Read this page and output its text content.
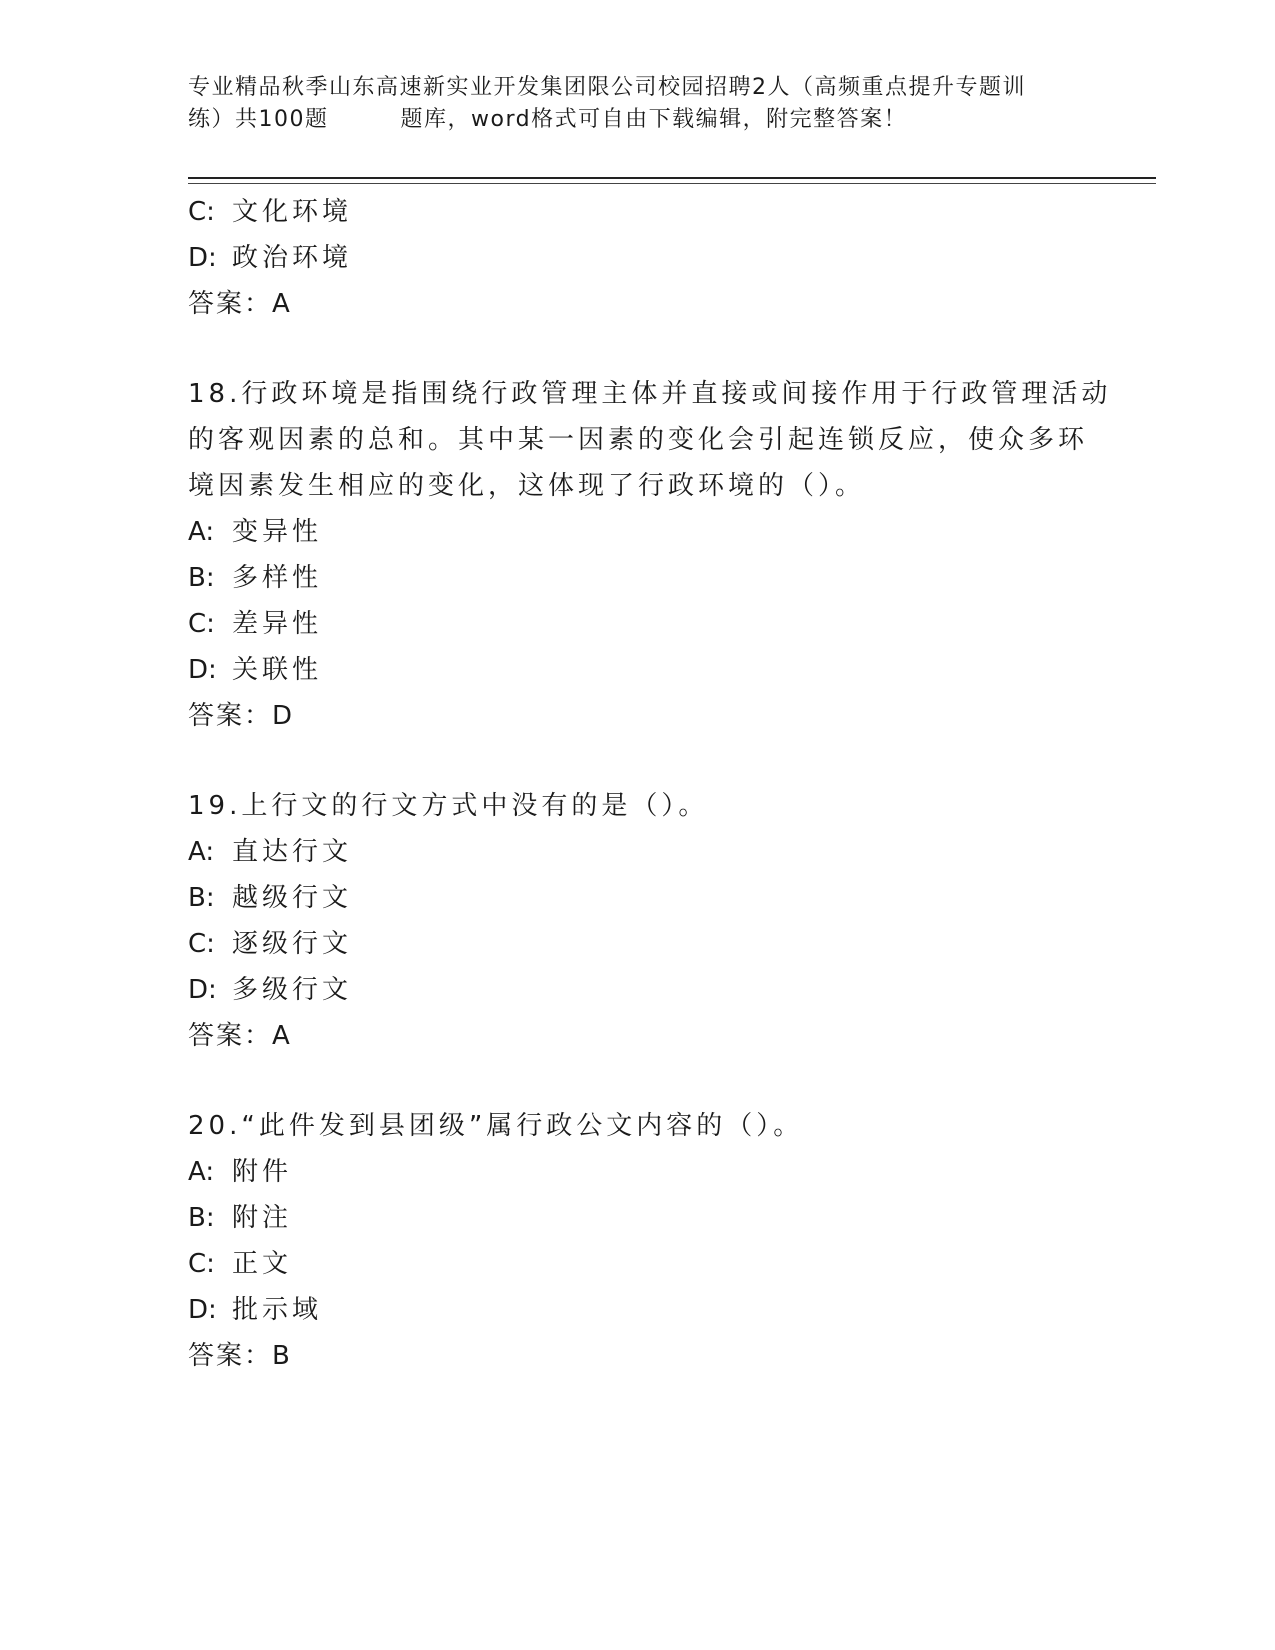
专业精品秋季山东高速新实业开发集团限公司校园招聘2人（高频重点提升专题训
练）共100题	题库，word格式可自由下载编辑，附完整答案！
C: 文化环境
D: 政治环境
答案：A
18.行政环境是指围绕行政管理主体并直接或间接作用于行政管理活动
的客观因素的总和。其中某一因素的变化会引起连锁反应，使众多环
境因素发生相应的变化，这体现了行政环境的（）。
A: 变异性
B: 多样性
C: 差异性
D: 关联性
答案：D
19.上行文的行文方式中没有的是（）。
A: 直达行文
B: 越级行文
C: 逐级行文
D: 多级行文
答案：A
20.“此件发到县团级”属行政公文内容的（）。
A: 附件
B: 附注
C: 正文
D: 批示域
答案：B
